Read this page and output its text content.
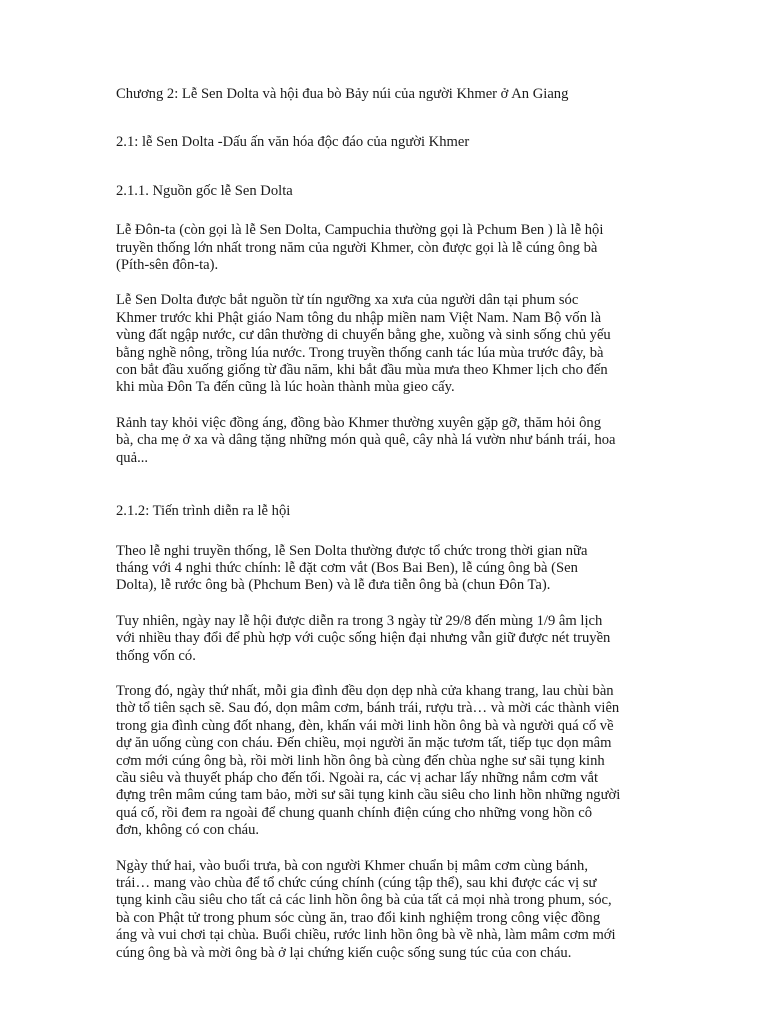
Chương 2: Lễ Sen Dolta và hội đua bò Bảy núi của người Khmer ở An Giang
2.1: lễ Sen Dolta -Dấu ấn văn hóa độc đáo của người Khmer
2.1.1. Nguồn gốc lễ Sen Dolta
Lễ Đôn-ta (còn gọi là lễ Sen Dolta, Campuchia thường gọi là Pchum Ben ) là lễ hội
truyền thống lớn nhất trong năm của người Khmer, còn được gọi là lễ cúng ông bà
(Píth-sên đôn-ta).
Lễ Sen Dolta được bắt nguồn từ tín ngưỡng xa xưa của người dân tại phum sóc
Khmer trước khi Phật giáo Nam tông du nhập miền nam Việt Nam. Nam Bộ vốn là
vùng đất ngập nước, cư dân thường di chuyển bằng ghe, xuồng và sinh sống chủ yếu
bằng nghề nông, trồng lúa nước. Trong truyền thống canh tác lúa mùa trước đây, bà
con bắt đầu xuống giống từ đầu năm, khi bắt đầu mùa mưa theo Khmer lịch cho đến
khi mùa Đôn Ta đến cũng là lúc hoàn thành mùa gieo cấy.
Rảnh tay khỏi việc đồng áng, đồng bào Khmer thường xuyên gặp gỡ, thăm hỏi ông
bà, cha mẹ ở xa và dâng tặng những món quà quê, cây nhà lá vườn như bánh trái, hoa
quả...
2.1.2: Tiến trình diễn ra lễ hội
Theo lễ nghi truyền thống, lễ Sen Dolta thường được tổ chức trong thời gian nữa
tháng với 4 nghi thức chính: lễ đặt cơm vắt (Bos Bai Ben), lễ cúng ông bà (Sen
Dolta), lễ rước ông bà (Phchum Ben) và lễ đưa tiễn ông bà (chun Đôn Ta).
Tuy nhiên, ngày nay lễ hội được diễn ra trong 3 ngày từ 29/8 đến mùng 1/9 âm lịch
với nhiều thay đổi để phù hợp với cuộc sống hiện đại nhưng vẫn giữ được nét truyền
thống vốn có.
Trong đó, ngày thứ nhất, mỗi gia đình đều dọn dẹp nhà cửa khang trang, lau chùi bàn
thờ tổ tiên sạch sẽ. Sau đó, dọn mâm cơm, bánh trái, rượu trà… và mời các thành viên
trong gia đình cùng đốt nhang, đèn, khấn vái mời linh hồn ông bà và người quá cố về
dự ăn uống cùng con cháu. Đến chiều, mọi người ăn mặc tươm tất, tiếp tục dọn mâm
cơm mới cúng ông bà, rồi mời linh hồn ông bà cùng đến chùa nghe sư sãi tụng kinh
cầu siêu và thuyết pháp cho đến tối. Ngoài ra, các vị achar lấy những nắm cơm vắt
đựng trên mâm cúng tam bảo, mời sư sãi tụng kinh cầu siêu cho linh hồn những người
quá cố, rồi đem ra ngoài để chung quanh chính điện cúng cho những vong hồn cô
đơn, không có con cháu.
Ngày thứ hai, vào buổi trưa, bà con người Khmer chuẩn bị mâm cơm cùng bánh,
trái… mang vào chùa để tổ chức cúng chính (cúng tập thể), sau khi được các vị sư
tụng kinh cầu siêu cho tất cả các linh hồn ông bà của tất cả mọi nhà trong phum, sóc,
bà con Phật tử trong phum sóc cùng ăn, trao đổi kinh nghiệm trong công việc đồng
áng và vui chơi tại chùa. Buổi chiều, rước linh hồn ông bà về nhà, làm mâm cơm mới
cúng ông bà và mời ông bà ở lại chứng kiến cuộc sống sung túc của con cháu.
